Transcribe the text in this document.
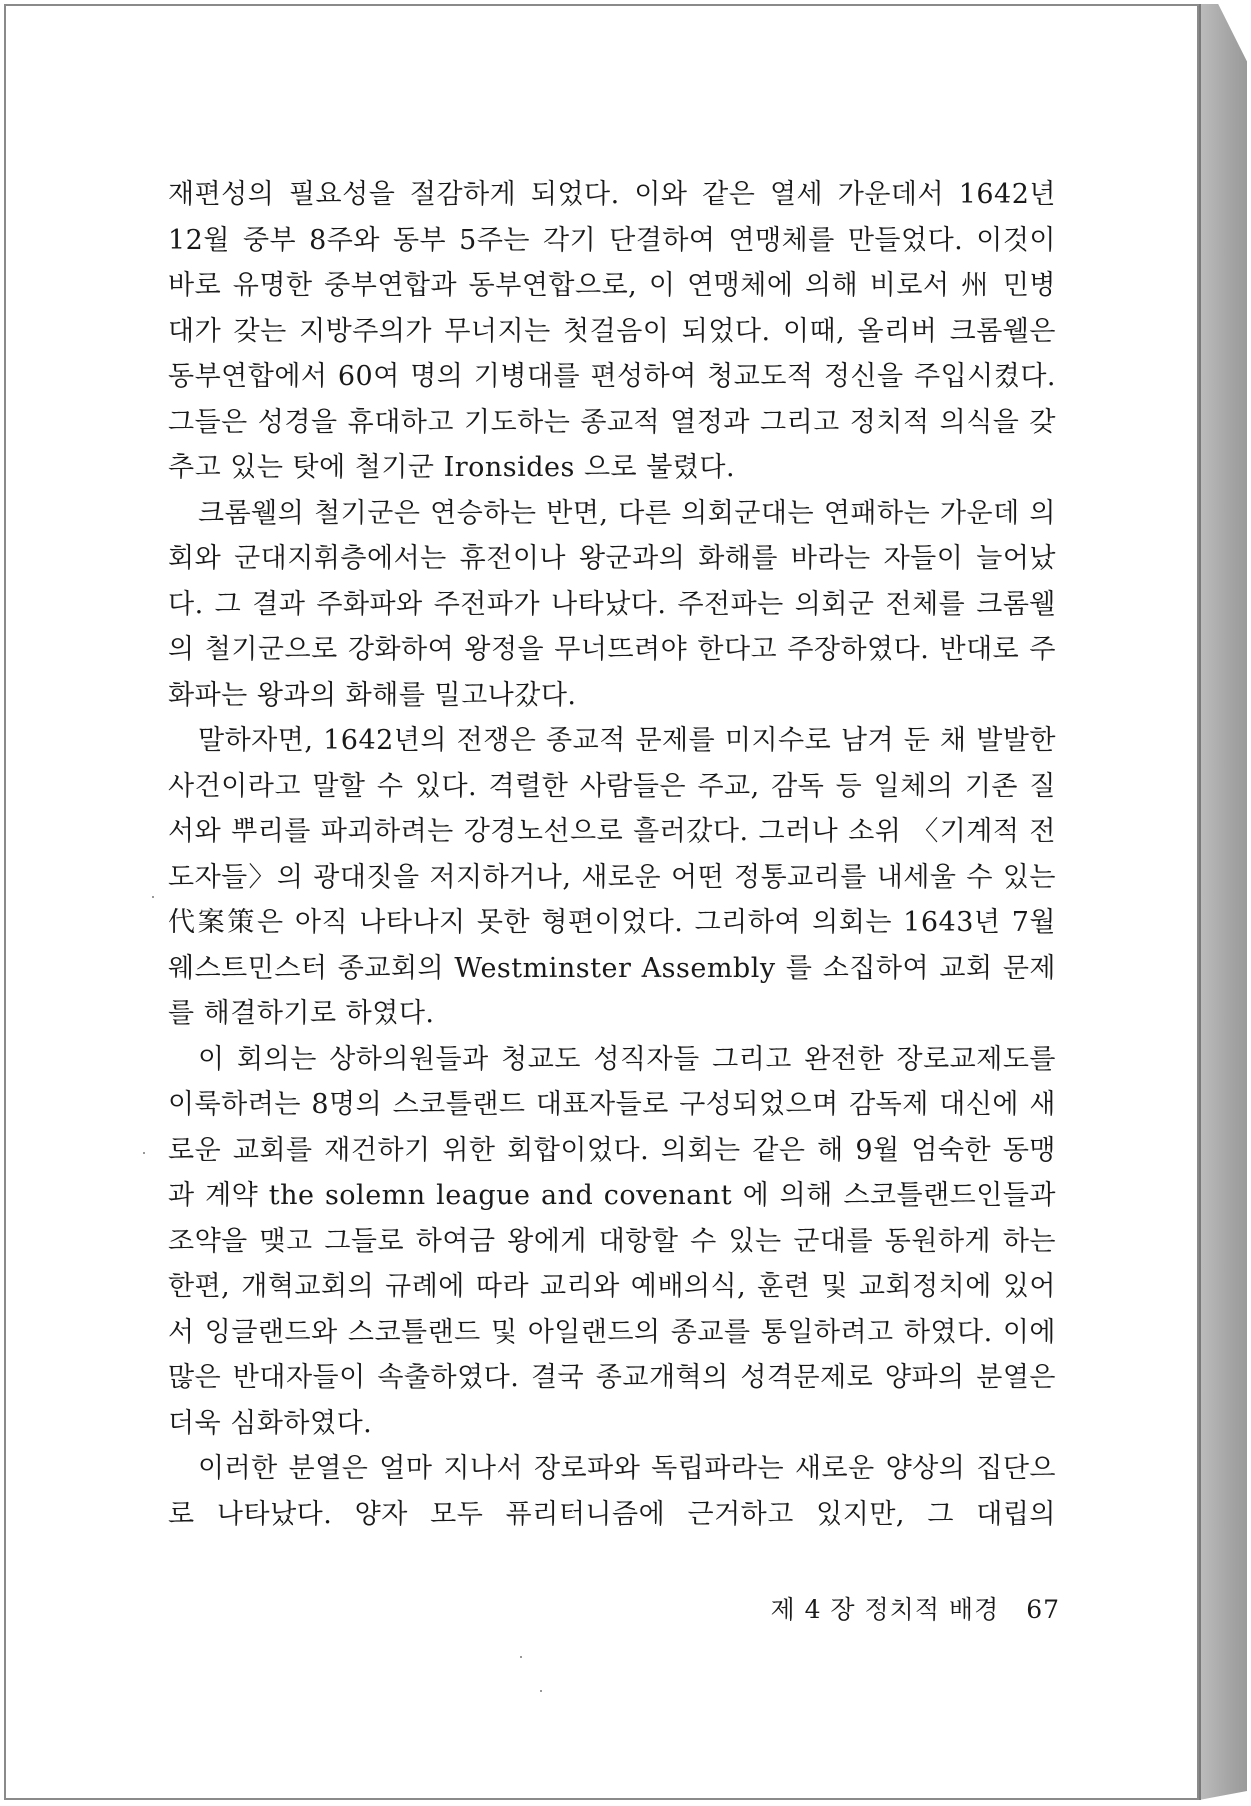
재편성의 필요성을 절감하게 되었다. 이와 같은 열세 가운데서 1642년 12월 중부 8주와 동부 5주는 각기 단결하여 연맹체를 만들었다. 이것이 바로 유명한 중부연합과 동부연합으로, 이 연맹체에 의해 비로서 州 민병대가 갖는 지방주의가 무너지는 첫걸음이 되었다. 이때, 올리버 크롬웰은 동부연합에서 60여 명의 기병대를 편성하여 청교도적 정신을 주입시켰다. 그들은 성경을 휴대하고 기도하는 종교적 열정과 그리고 정치적 의식을 갖추고 있는 탓에 철기군 Ironsides 으로 불렸다.

크롬웰의 철기군은 연승하는 반면, 다른 의회군대는 연패하는 가운데 의회와 군대지휘층에서는 휴전이나 왕군과의 화해를 바라는 자들이 늘어났다. 그 결과 주화파와 주전파가 나타났다. 주전파는 의회군 전체를 크롬웰의 철기군으로 강화하여 왕정을 무너뜨려야 한다고 주장하였다. 반대로 주화파는 왕과의 화해를 밀고나갔다.

말하자면, 1642년의 전쟁은 종교적 문제를 미지수로 남겨 둔 채 발발한 사건이라고 말할 수 있다. 격렬한 사람들은 주교, 감독 등 일체의 기존 질서와 뿌리를 파괴하려는 강경노선으로 흘러갔다. 그러나 소위 〈기계적 전도자들〉의 광대짓을 저지하거나, 새로운 어떤 정통교리를 내세울 수 있는 代案策은 아직 나타나지 못한 형편이었다. 그리하여 의회는 1643년 7월 웨스트민스터 종교회의 Westminster Assembly 를 소집하여 교회 문제를 해결하기로 하였다.

이 회의는 상하의원들과 청교도 성직자들 그리고 완전한 장로교제도를 이룩하려는 8명의 스코틀랜드 대표자들로 구성되었으며 감독제 대신에 새로운 교회를 재건하기 위한 회합이었다. 의회는 같은 해 9월 엄숙한 동맹과 계약 the solemn league and covenant 에 의해 스코틀랜드인들과 조약을 맺고 그들로 하여금 왕에게 대항할 수 있는 군대를 동원하게 하는 한편, 개혁교회의 규례에 따라 교리와 예배의식, 훈련 및 교회정치에 있어서 잉글랜드와 스코틀랜드 및 아일랜드의 종교를 통일하려고 하였다. 이에 많은 반대자들이 속출하였다. 결국 종교개혁의 성격문제로 양파의 분열은 더욱 심화하였다.

이러한 분열은 얼마 지나서 장로파와 독립파라는 새로운 양상의 집단으로 나타났다. 양자 모두 퓨리터니즘에 근거하고 있지만, 그 대립의

제 4 장 정치적 배경 67
